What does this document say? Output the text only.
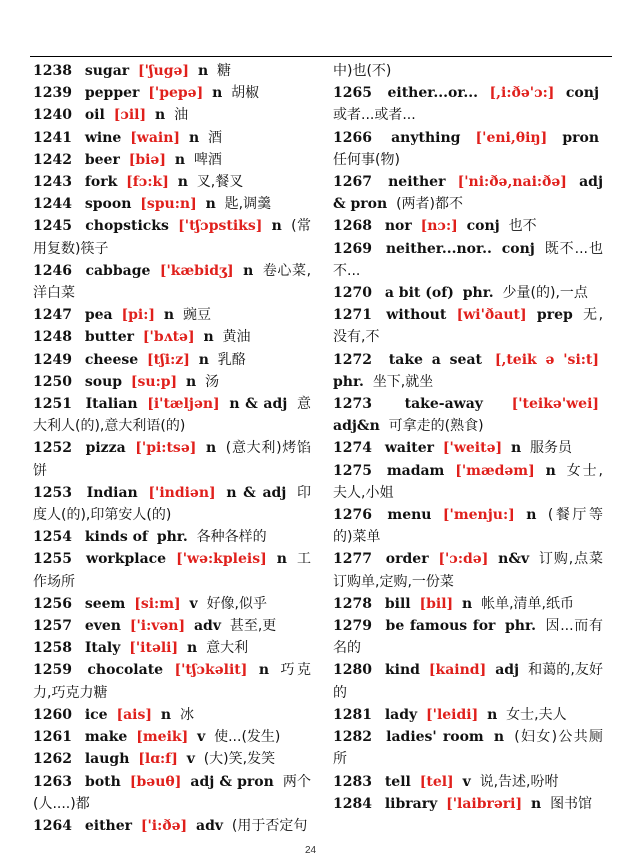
1238 sugar ['ʃugə] n 糖
1239 pepper ['pepə] n 胡椒
1240 oil [ɔil] n 油
1241 wine [wain] n 酒
1242 beer [biə] n 啤酒
1243 fork [fɔ:k] n 叉,餐叉
1244 spoon [spu:n] n 匙,调羹
1245 chopsticks ['tʃɔpstiks] n (常用复数)筷子
1246 cabbage ['kæbidʒ] n 卷心菜,洋白菜
1247 pea [pi:] n 豌豆
1248 butter ['bʌtə] n 黄油
1249 cheese [tʃi:z] n 乳酪
1250 soup [su:p] n 汤
1251 Italian [i'tæljən] n & adj 意大利人(的),意大利语(的)
1252 pizza ['pi:tsə] n (意大利)烤馅饼
1253 Indian ['indiən] n & adj 印度人(的),印第安人(的)
1254 kinds of phr. 各种各样的
1255 workplace ['wə:kpleis] n 工作场所
1256 seem [si:m] v 好像,似乎
1257 even ['i:vən] adv 甚至,更
1258 Italy ['itəli] n 意大利
1259 chocolate ['tʃɔkəlit] n 巧克力,巧克力糖
1260 ice [ais] n 冰
1261 make [meik] v 使...(发生)
1262 laugh [lɑ:f] v (大)笑,发笑
1263 both [bəuθ] adj & pron 两个(人....)都
1264 either ['i:ðə] adv (用于否定句
中)也(不)
1265 either...or... [,i:ðə'ɔ:] conj 或者...或者...
1266 anything ['eni,θiŋ] pron 任何事(物)
1267 neither ['ni:ðə,nai:ðə] adj & pron (两者)都不
1268 nor [nɔ:] conj 也不
1269 neither...nor.. conj 既不...也不...
1270 a bit (of) phr. 少量(的),一点
1271 without [wi'ðaut] prep 无,没有,不
1272 take a seat [,teik ə 'si:t] phr. 坐下,就坐
1273 take-away ['teikə'wei] adj&n 可拿走的(熟食)
1274 waiter ['weitə] n 服务员
1275 madam ['mædəm] n 女士,夫人,小姐
1276 menu ['menju:] n (餐厅等的)菜单
1277 order ['ɔ:də] n&v 订购,点菜订购单,定购,一份菜
1278 bill [bil] n 帐单,清单,纸币
1279 be famous for phr. 因...而有名的
1280 kind [kaind] adj 和蔼的,友好的
1281 lady ['leidi] n 女士,夫人
1282 ladies' room n (妇女)公共厕所
1283 tell [tel] v 说,告述,吩咐
1284 library ['laibrəri] n 图书馆
24
